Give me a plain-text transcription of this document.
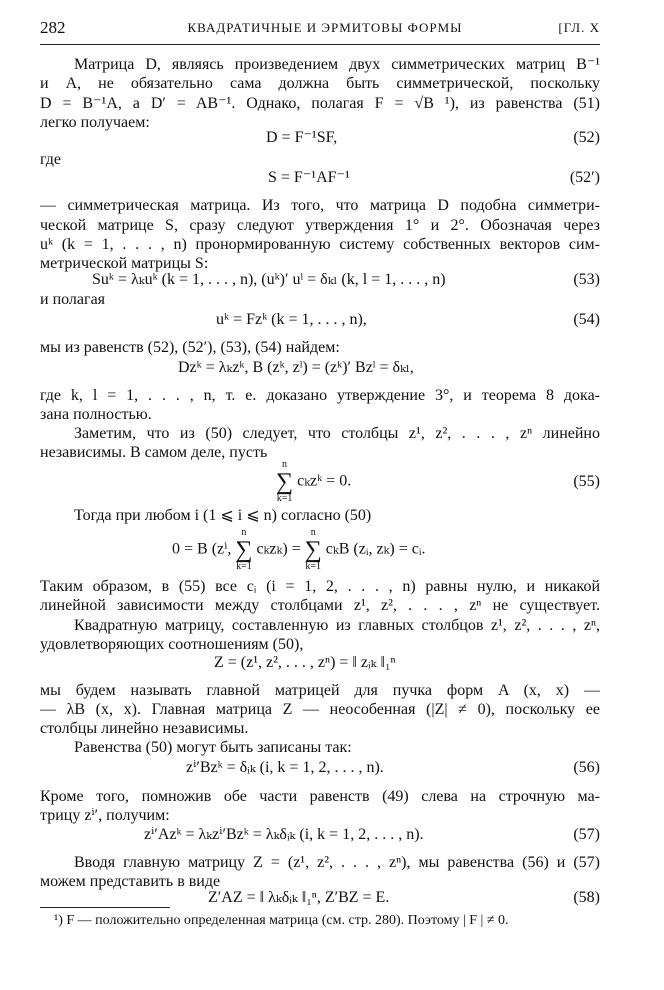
282	КВАДРАТИЧНЫЕ И ЭРМИТОВЫ ФОРМЫ	[ГЛ. X
Матрица D, являясь произведением двух симметрических матриц B⁻¹
и A, не обязательно сама должна быть симметрической, поскольку
D = B⁻¹A, а D′ = AB⁻¹. Однако, полагая F = √B ¹), из равенства (51)
легко получаем:
D = F⁻¹SF,	(52)
где
S = F⁻¹AF⁻¹	(52′)
— симметрическая матрица. Из того, что матрица D подобна симметри-
ческой матрице S, сразу следуют утверждения 1° и 2°. Обозначая через
uᵏ (k = 1, . . . , n) пронормированную систему собственных векторов сим-
метрической матрицы S:
Suᵏ = λₖuᵏ (k = 1, . . . , n), (uᵏ)′ uˡ = δₖₗ (k, l = 1, . . . , n)	(53)
и полагая
uᵏ = Fzᵏ (k = 1, . . . , n),	(54)
мы из равенств (52), (52′), (53), (54) найдем:
Dzᵏ = λₖzᵏ, B (zᵏ, zˡ) = (zᵏ)′ Bzˡ = δₖₗ,
где k, l = 1, . . . , n, т. е. доказано утверждение 3°, и теорема 8 дока-
зана полностью.
Заметим, что из (50) следует, что столбцы z¹, z², . . . , zⁿ линейно
независимы. В самом деле, пусть
n
∑
k=1
cₖzᵏ = 0.	(55)
Тогда при любом i (1 ⩽ i ⩽ n) согласно (50)
0 = B (zⁱ,
n
∑
k=1
cₖzₖ) =
n
∑
k=1
cₖB (zᵢ, zₖ) = cᵢ.
Таким образом, в (55) все cᵢ (i = 1, 2, . . . , n) равны нулю, и никакой
линейной зависимости между столбцами z¹, z², . . . , zⁿ не существует.
Квадратную матрицу, составленную из главных столбцов z¹, z², . . . , zⁿ,
удовлетворяющих соотношениям (50),
Z = (z¹, z², . . . , zⁿ) = ‖ zᵢₖ ‖₁ⁿ
мы будем называть главной матрицей для пучка форм A (x, x) —
— λB (x, x). Главная матрица Z — неособенная (|Z| ≠ 0), поскольку ее
столбцы линейно независимы.
Равенства (50) могут быть записаны так:
zⁱ′Bzᵏ = δᵢₖ (i, k = 1, 2, . . . , n).	(56)
Кроме того, помножив обе части равенств (49) слева на строчную ма-
трицу zⁱ′, получим:
zⁱ′Azᵏ = λₖzⁱ′Bzᵏ = λₖδᵢₖ (i, k = 1, 2, . . . , n).	(57)
Вводя главную матрицу Z = (z¹, z², . . . , zⁿ), мы равенства (56) и (57)
можем представить в виде
Z′AZ = ‖ λₖδᵢₖ ‖₁ⁿ, Z′BZ = E.	(58)
¹) F — положительно определенная матрица (см. стр. 280). Поэтому | F | ≠ 0.
